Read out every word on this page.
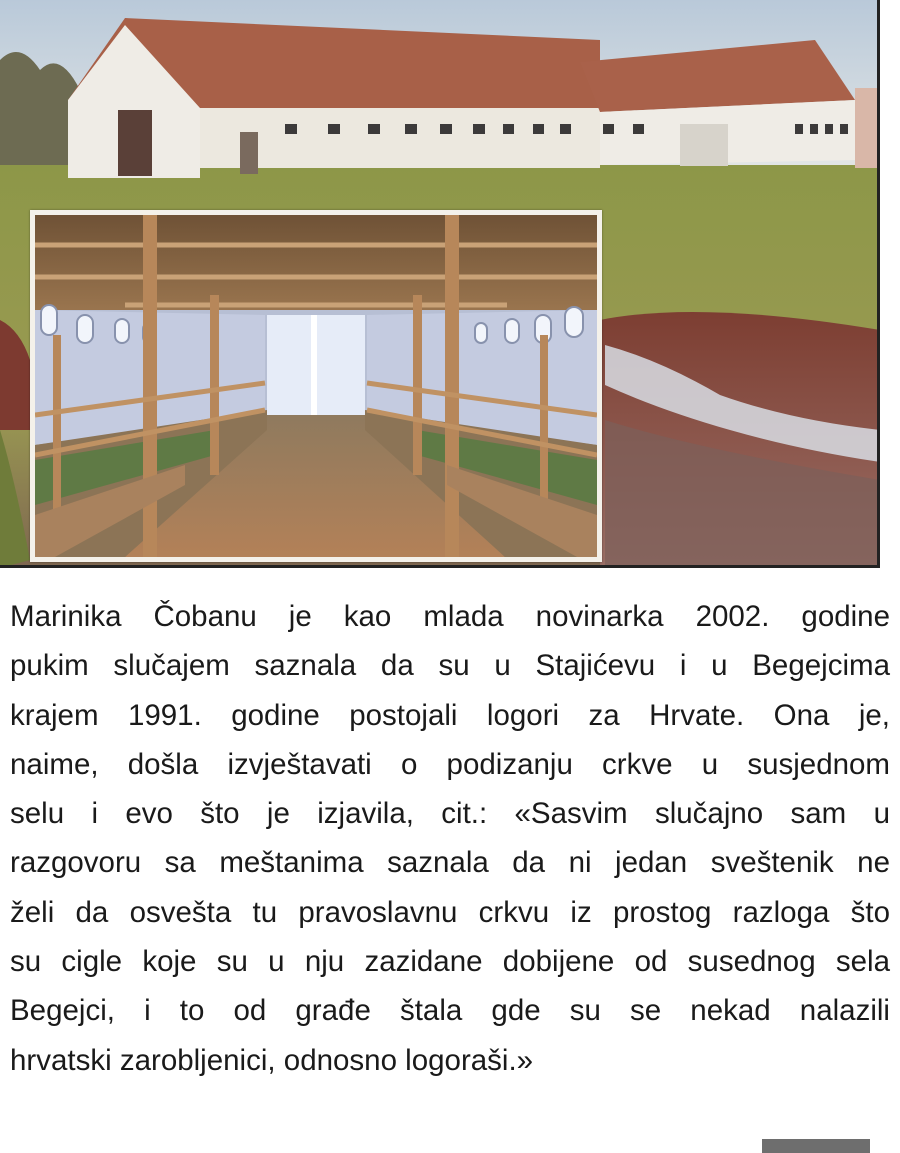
Marinika Čobanu je kao mlada novinarka 2002. godine
pukim slučajem saznala da su u Stajićevu i u Begejcima
krajem 1991. godine postojali logori za Hrvate. Ona je,
naime, došla izvještavati o podizanju crkve u susjednom
selu i evo što je izjavila, cit.: «Sasvim slučajno sam u
razgovoru sa meštanima saznala da ni jedan sveštenik ne
želi da osvešta tu pravoslavnu crkvu iz prostog razloga što
su cigle koje su u nju zazidane dobijene od susednog sela
Begejci, i to od građe štala gde su se nekad nalazili
hrvatski zarobljenici, odnosno logoraši.»
